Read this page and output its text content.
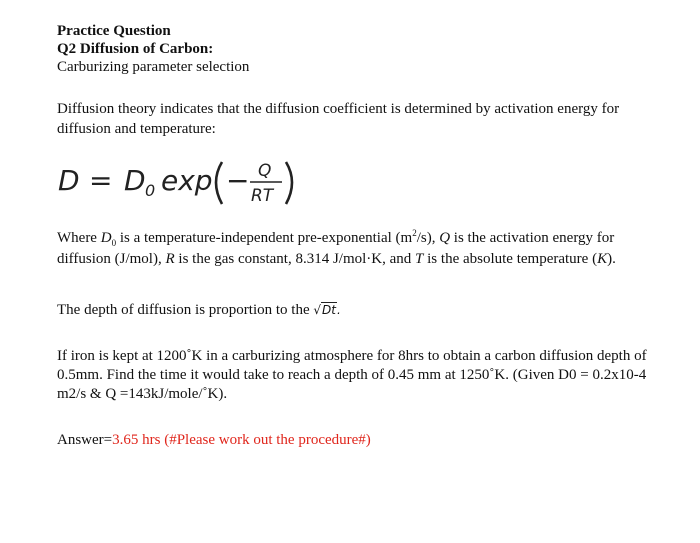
Practice Question
Q2 Diffusion of Carbon:
Carburizing parameter selection
Diffusion theory indicates that the diffusion coefficient is determined by activation energy for diffusion and temperature:
D = D 0 exp − Q
RT
Where $D_0$ is a temperature-independent pre-exponential $(m^2/s)$, Q is the activation energy for diffusion (J/mol), R is the gas constant, 8.314 J/mol·K, and T is the absolute temperature (K).
The depth of diffusion is proportion to the √Dt.
If iron is kept at 1200˚K in a carburizing atmosphere for 8hrs to obtain a carbon diffusion depth of 0.5mm. Find the time it would take to reach a depth of 0.45 mm at 1250˚K. (Given D0 = 0.2x10-4 m2/s & Q =143kJ/mole/˚K).
Answer=3.65 hrs (#Please work out the procedure#)
